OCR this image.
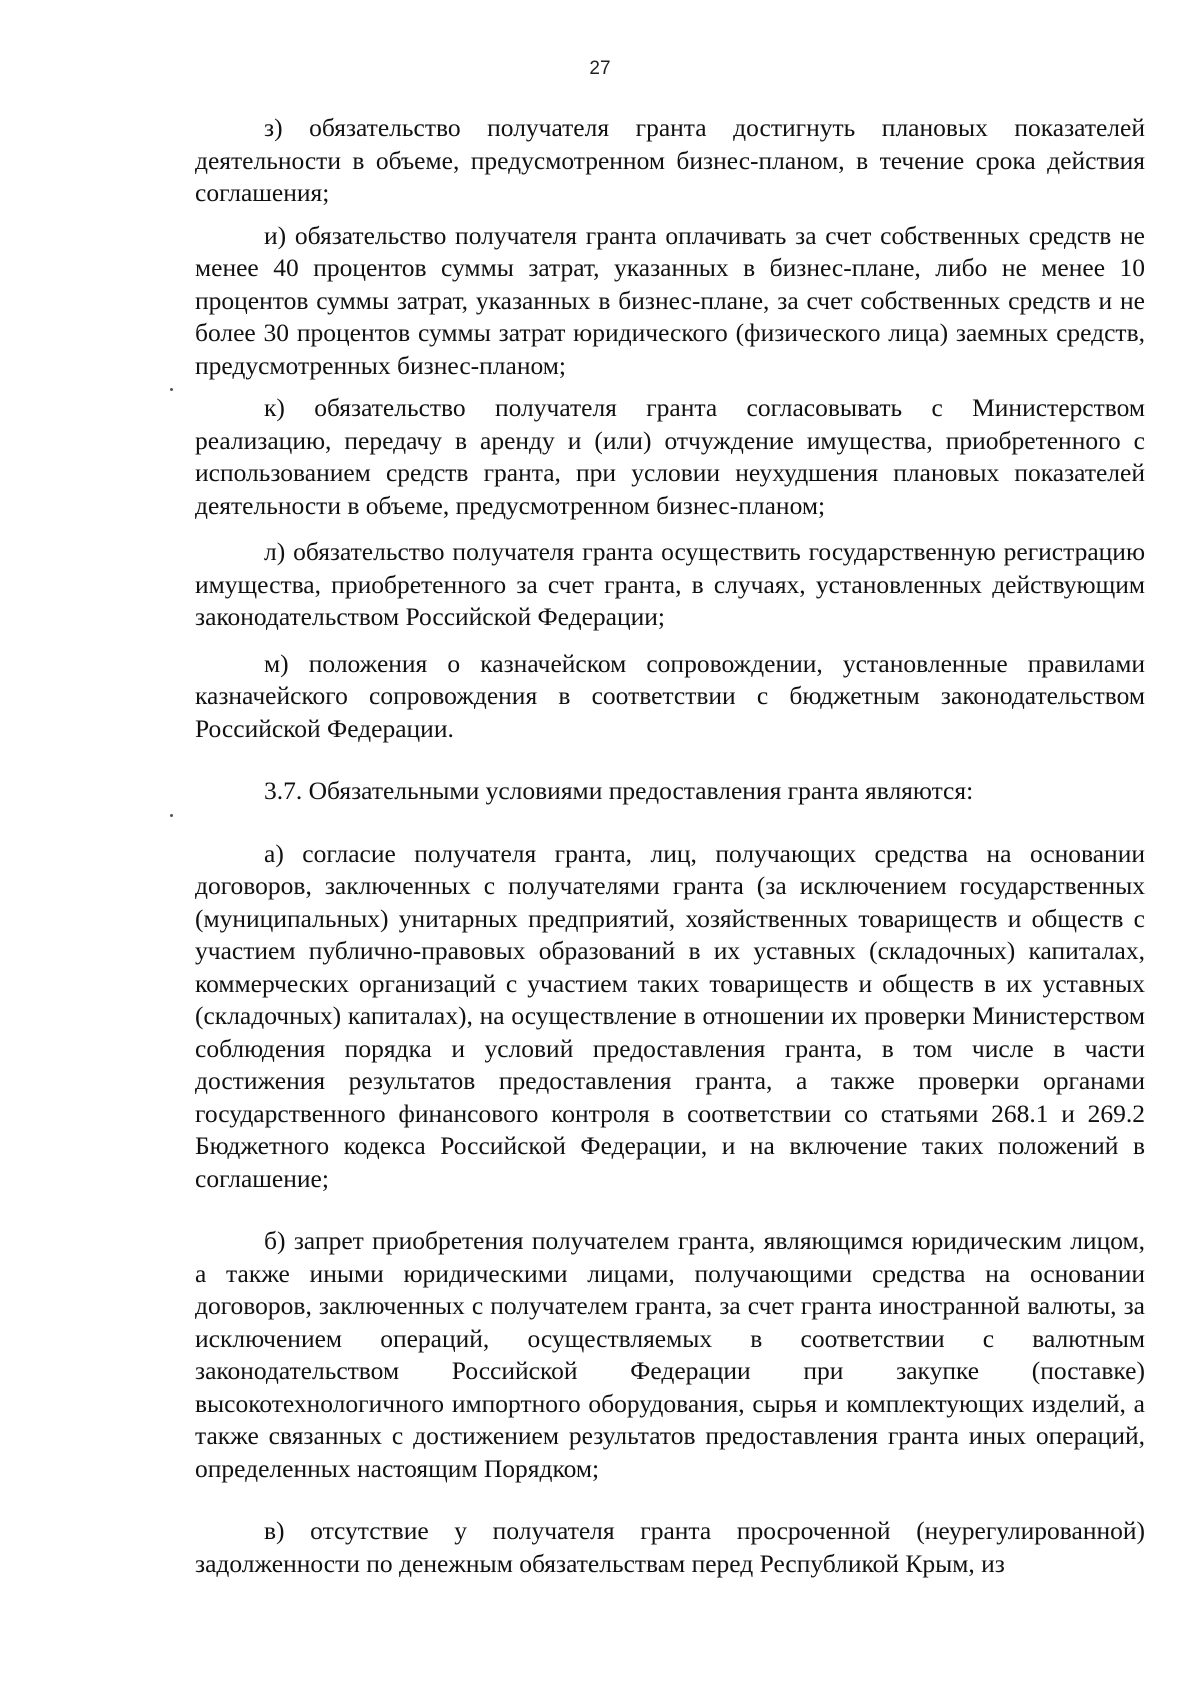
27

з) обязательство получателя гранта достигнуть плановых показателей деятельности в объеме, предусмотренном бизнес-планом, в течение срока действия соглашения;

и) обязательство получателя гранта оплачивать за счет собственных средств не менее 40 процентов суммы затрат, указанных в бизнес-плане, либо не менее 10 процентов суммы затрат, указанных в бизнес-плане, за счет собственных средств и не более 30 процентов суммы затрат юридического (физического лица) заемных средств, предусмотренных бизнес-планом;

к) обязательство получателя гранта согласовывать с Министерством реализацию, передачу в аренду и (или) отчуждение имущества, приобретенного с использованием средств гранта, при условии неухудшения плановых показателей деятельности в объеме, предусмотренном бизнес-планом;

л) обязательство получателя гранта осуществить государственную регистрацию имущества, приобретенного за счет гранта, в случаях, установленных действующим законодательством Российской Федерации;

м) положения о казначейском сопровождении, установленные правилами казначейского сопровождения в соответствии с бюджетным законодательством Российской Федерации.

3.7. Обязательными условиями предоставления гранта являются:

а) согласие получателя гранта, лиц, получающих средства на основании договоров, заключенных с получателями гранта (за исключением государственных (муниципальных) унитарных предприятий, хозяйственных товариществ и обществ с участием публично-правовых образований в их уставных (складочных) капиталах, коммерческих организаций с участием таких товариществ и обществ в их уставных (складочных) капиталах), на осуществление в отношении их проверки Министерством соблюдения порядка и условий предоставления гранта, в том числе в части достижения результатов предоставления гранта, а также проверки органами государственного финансового контроля в соответствии со статьями 268.1 и 269.2 Бюджетного кодекса Российской Федерации, и на включение таких положений в соглашение;

б) запрет приобретения получателем гранта, являющимся юридическим лицом, а также иными юридическими лицами, получающими средства на основании договоров, заключенных с получателем гранта, за счет гранта иностранной валюты, за исключением операций, осуществляемых в соответствии с валютным законодательством Российской Федерации при закупке (поставке) высокотехнологичного импортного оборудования, сырья и комплектующих изделий, а также связанных с достижением результатов предоставления гранта иных операций, определенных настоящим Порядком;

в) отсутствие у получателя гранта просроченной (неурегулированной) задолженности по денежным обязательствам перед Республикой Крым, из
